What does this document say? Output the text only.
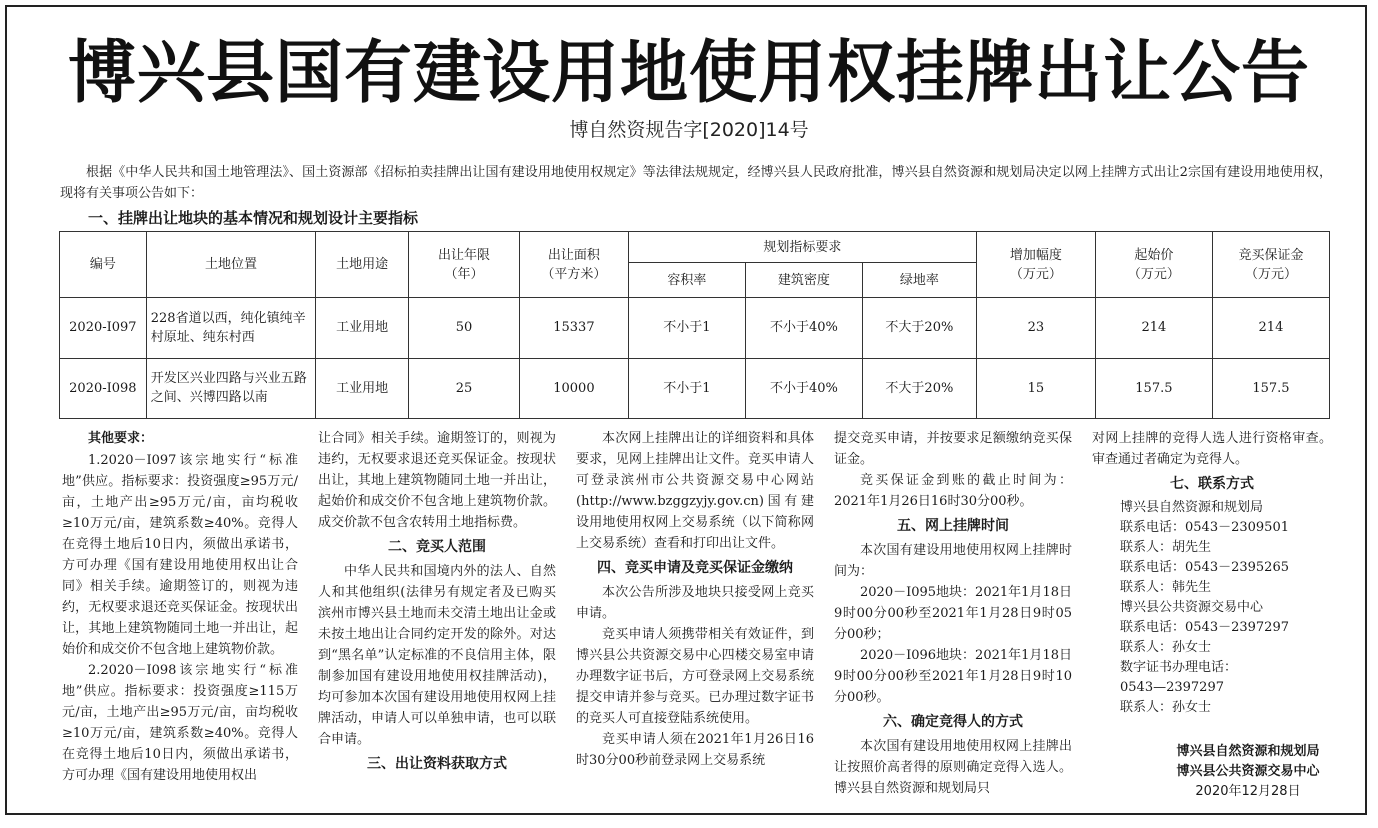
博兴县国有建设用地使用权挂牌出让公告
博自然资规告字[2020]14号
根据《中华人民共和国土地管理法》、国土资源部《招标拍卖挂牌出让国有建设用地使用权规定》等法律法规规定，经博兴县人民政府批准，博兴县自然资源和规划局决定以网上挂牌方式出让2宗国有建设用地使用权，现将有关事项公告如下：
一、挂牌出让地块的基本情况和规划设计主要指标
编号	土地位置	土地用途	出让年限
（年）	出让面积
（平方米）	规划指标要求			增加幅度
（万元）	起始价
（万元）	竞买保证金
（万元）
					容积率	建筑密度	绿地率			
2020-I097	228省道以西，纯化镇纯辛村原址、纯东村西	工业用地	50	15337	不小于1	不小于40%	不大于20%	23	214	214
2020-I098	开发区兴业四路与兴业五路之间、兴博四路以南	工业用地	25	10000	不小于1	不小于40%	不大于20%	15	157.5	157.5
其他要求：

1.2020－I097该宗地实行“标准地”供应。指标要求：投资强度≥95万元/亩，土地产出≥95万元/亩，亩均税收≥10万元/亩，建筑系数≥40%。竞得人在竞得土地后10日内，须做出承诺书，方可办理《国有建设用地使用权出让合同》相关手续。逾期签订的，则视为违约，无权要求退还竞买保证金。按现状出让，其地上建筑物随同土地一并出让，起始价和成交价不包含地上建筑物价款。

2.2020－I098该宗地实行“标准地”供应。指标要求：投资强度≥115万元/亩，土地产出≥95万元/亩，亩均税收≥10万元/亩，建筑系数≥40%。竞得人在竞得土地后10日内，须做出承诺书，方可办理《国有建设用地使用权出

让合同》相关手续。逾期签订的，则视为违约，无权要求退还竞买保证金。按现状出让，其地上建筑物随同土地一并出让，起始价和成交价不包含地上建筑物价款。成交价款不包含农转用土地指标费。

二、竞买人范围

中华人民共和国境内外的法人、自然人和其他组织(法律另有规定者及已购买滨州市博兴县土地而未交清土地出让金或未按土地出让合同约定开发的除外。对达到“黑名单”认定标准的不良信用主体，限制参加国有建设用地使用权挂牌活动)，均可参加本次国有建设用地使用权网上挂牌活动，申请人可以单独申请，也可以联合申请。

三、出让资料获取方式

本次网上挂牌出让的详细资料和具体要求，见网上挂牌出让文件。竞买申请人可登录滨州市公共资源交易中心网站(http://www.bzggzyjy.gov.cn)国有建设用地使用权网上交易系统（以下简称网上交易系统）查看和打印出让文件。

四、竞买申请及竞买保证金缴纳

本次公告所涉及地块只接受网上竞买申请。

竞买申请人须携带相关有效证件，到博兴县公共资源交易中心四楼交易室申请办理数字证书后，方可登录网上交易系统提交申请并参与竞买。已办理过数字证书的竞买人可直接登陆系统使用。

竞买申请人须在2021年1月26日16时30分00秒前登录网上交易系统

提交竞买申请，并按要求足额缴纳竞买保证金。

竞买保证金到账的截止时间为：2021年1月26日16时30分00秒。

五、网上挂牌时间

本次国有建设用地使用权网上挂牌时间为：

2020－I095地块：2021年1月18日9时00分00秒至2021年1月28日9时05分00秒；

2020－I096地块：2021年1月18日9时00分00秒至2021年1月28日9时10分00秒。

六、确定竞得人的方式

本次国有建设用地使用权网上挂牌出让按照价高者得的原则确定竞得入选人。博兴县自然资源和规划局只

对网上挂牌的竞得人选人进行资格审查。审查通过者确定为竞得人。

七、联系方式
博兴县自然资源和规划局
联系电话：0543－2309501
联系人：胡先生
联系电话：0543－2395265
联系人：韩先生
博兴县公共资源交易中心
联系电话：0543－2397297
联系人：孙女士
数字证书办理电话：
0543—2397297
联系人：孙女士
博兴县自然资源和规划局
博兴县公共资源交易中心
2020年12月28日
